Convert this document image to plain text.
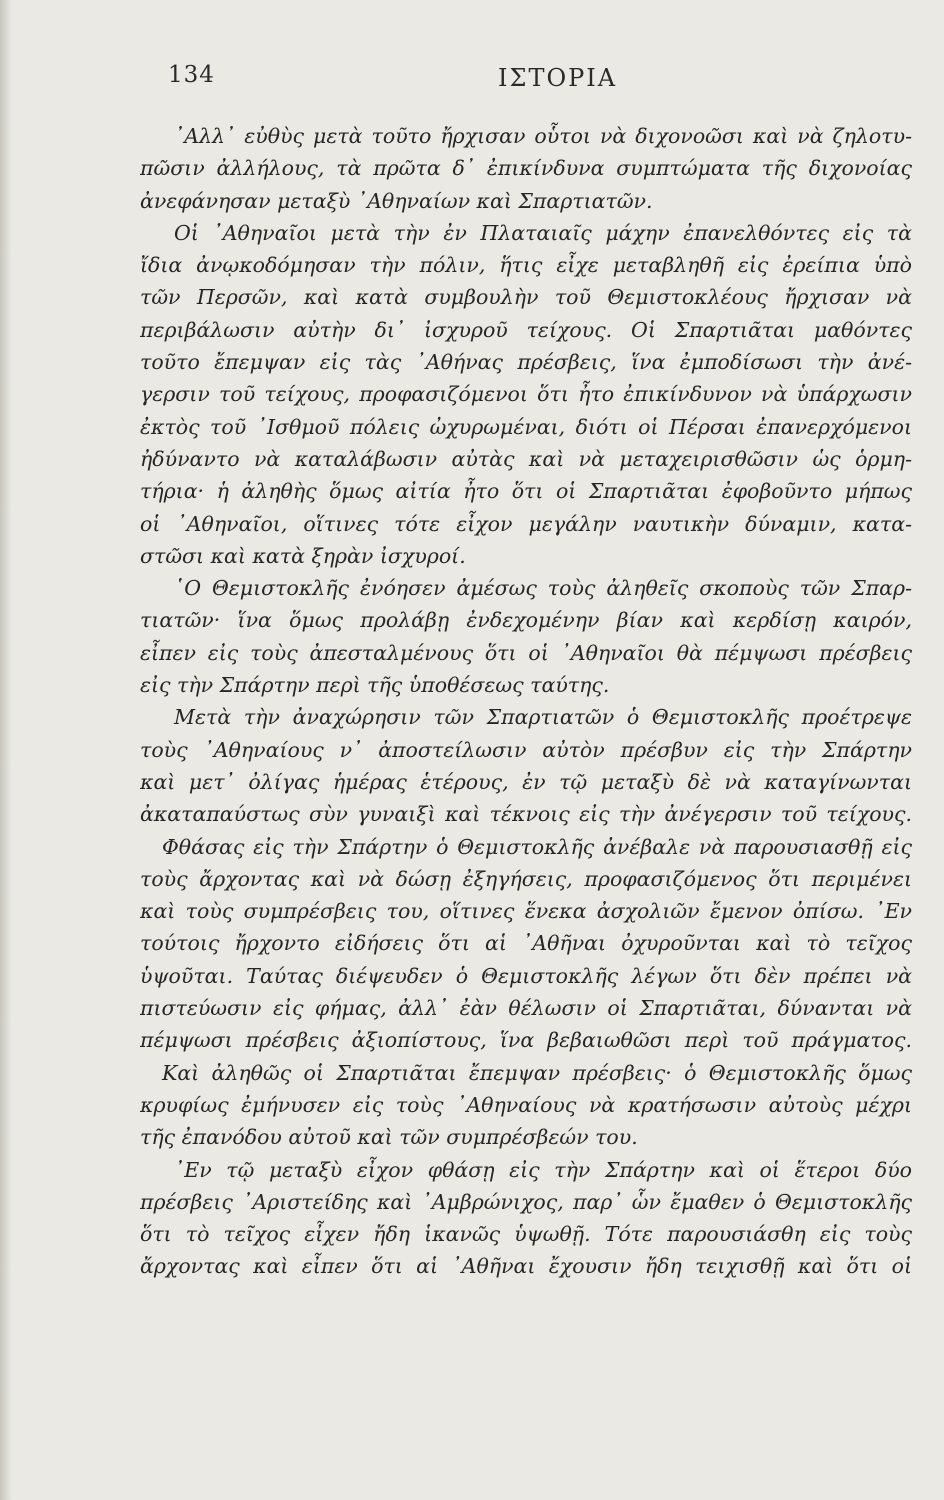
134	ΙΣΤΟΡΙΑ
᾿Αλλ᾿ εὐθὺς μετὰ τοῦτο ἤρχισαν οὗτοι νὰ διχονοῶσι καὶ νὰ ζηλοτυ-
πῶσιν ἀλλήλους, τὰ πρῶτα δ᾿ ἐπικίνδυνα συμπτώματα τῆς διχονοίας
ἀνεφάνησαν μεταξὺ ᾿Αθηναίων καὶ Σπαρτιατῶν.
Οἱ ᾿Αθηναῖοι μετὰ τὴν ἐν Πλαταιαῖς μάχην ἐπανελθόντες εἰς τὰ
ἴδια ἀνῳκοδόμησαν τὴν πόλιν, ἥτις εἶχε μεταβληθῆ εἰς ἐρείπια ὑπὸ
τῶν Περσῶν, καὶ κατὰ συμβουλὴν τοῦ Θεμιστοκλέους ἤρχισαν νὰ
περιβάλωσιν αὐτὴν δι᾿ ἰσχυροῦ τείχους. Οἱ Σπαρτιᾶται μαθόντες
τοῦτο ἔπεμψαν εἰς τὰς ᾿Αθήνας πρέσβεις, ἵνα ἐμποδίσωσι τὴν ἀνέ-
γερσιν τοῦ τείχους, προφασιζόμενοι ὅτι ἦτο ἐπικίνδυνον νὰ ὑπάρχωσιν
ἐκτὸς τοῦ ᾿Ισθμοῦ πόλεις ὠχυρωμέναι, διότι οἱ Πέρσαι ἐπανερχόμενοι
ἠδύναντο νὰ καταλάβωσιν αὐτὰς καὶ νὰ μεταχειρισθῶσιν ὡς ὁρμη-
τήρια· ἡ ἀληθὴς ὅμως αἰτία ἦτο ὅτι οἱ Σπαρτιᾶται ἐφοβοῦντο μήπως
οἱ ᾿Αθηναῖοι, οἵτινες τότε εἶχον μεγάλην ναυτικὴν δύναμιν, κατα-
στῶσι καὶ κατὰ ξηρὰν ἰσχυροί.
῾Ο Θεμιστοκλῆς ἐνόησεν ἀμέσως τοὺς ἀληθεῖς σκοποὺς τῶν Σπαρ-
τιατῶν· ἵνα ὅμως προλάβῃ ἐνδεχομένην βίαν καὶ κερδίσῃ καιρόν,
εἶπεν εἰς τοὺς ἀπεσταλμένους ὅτι οἱ ᾿Αθηναῖοι θὰ πέμψωσι πρέσβεις
εἰς τὴν Σπάρτην περὶ τῆς ὑποθέσεως ταύτης.
Μετὰ τὴν ἀναχώρησιν τῶν Σπαρτιατῶν ὁ Θεμιστοκλῆς προέτρεψε
τοὺς ᾿Αθηναίους ν᾿ ἀποστείλωσιν αὐτὸν πρέσβυν εἰς τὴν Σπάρτην
καὶ μετ᾿ ὀλίγας ἡμέρας ἑτέρους, ἐν τῷ μεταξὺ δὲ νὰ καταγίνωνται
ἀκαταπαύστως σὺν γυναιξὶ καὶ τέκνοις εἰς τὴν ἀνέγερσιν τοῦ τείχους.
Φθάσας εἰς τὴν Σπάρτην ὁ Θεμιστοκλῆς ἀνέβαλε νὰ παρουσιασθῇ εἰς
τοὺς ἄρχοντας καὶ νὰ δώσῃ ἐξηγήσεις, προφασιζόμενος ὅτι περιμένει
καὶ τοὺς συμπρέσβεις του, οἵτινες ἕνεκα ἀσχολιῶν ἔμενον ὀπίσω. ᾿Εν
τούτοις ἤρχοντο εἰδήσεις ὅτι αἱ ᾿Αθῆναι ὀχυροῦνται καὶ τὸ τεῖχος
ὑψοῦται. Ταύτας διέψευδεν ὁ Θεμιστοκλῆς λέγων ὅτι δὲν πρέπει νὰ
πιστεύωσιν εἰς φήμας, ἀλλ᾿ ἐὰν θέλωσιν οἱ Σπαρτιᾶται, δύνανται νὰ
πέμψωσι πρέσβεις ἀξιοπίστους, ἵνα βεβαιωθῶσι περὶ τοῦ πράγματος.
Καὶ ἀληθῶς οἱ Σπαρτιᾶται ἔπεμψαν πρέσβεις· ὁ Θεμιστοκλῆς ὅμως
κρυφίως ἐμήνυσεν εἰς τοὺς ᾿Αθηναίους νὰ κρατήσωσιν αὐτοὺς μέχρι
τῆς ἐπανόδου αὐτοῦ καὶ τῶν συμπρέσβεών του.
᾿Εν τῷ μεταξὺ εἶχον φθάσῃ εἰς τὴν Σπάρτην καὶ οἱ ἕτεροι δύο
πρέσβεις ᾿Αριστείδης καὶ ᾿Αμβρώνιχος, παρ᾿ ὧν ἔμαθεν ὁ Θεμιστοκλῆς
ὅτι τὸ τεῖχος εἶχεν ἤδη ἱκανῶς ὑψωθῇ. Τότε παρουσιάσθη εἰς τοὺς
ἄρχοντας καὶ εἶπεν ὅτι αἱ ᾿Αθῆναι ἔχουσιν ἤδη τειχισθῇ καὶ ὅτι οἱ
